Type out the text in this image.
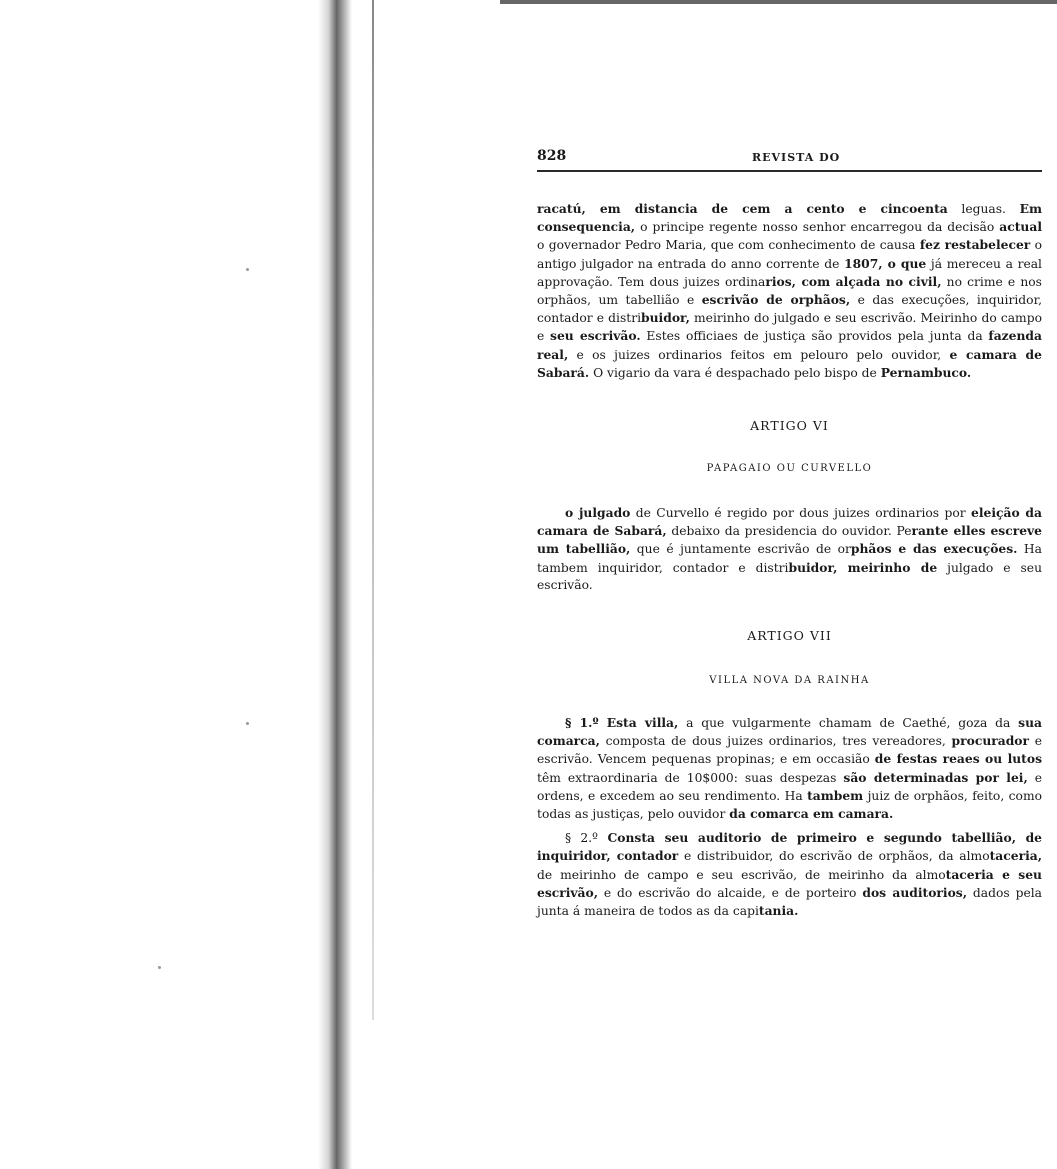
828	REVISTA DO

racatú, em distancia de cem a cento e cincoenta leguas. Em consequencia, o principe regente nosso senhor encarregou da decisão actual o governador Pedro Maria, que com conhecimento de causa fez restabelecer o antigo julgador na entrada do anno corrente de 1807, o que já mereceu a real approvação. Tem dous juizes ordinarios, com alçada no civil, no crime e nos orphãos, um tabellião e escrivão de orphãos, e das execuções, inquiridor, contador e distribuidor, meirinho do julgado e seu escrivão. Meirinho do campo e seu escrivão. Estes officiaes de justiça são providos pela junta da fazenda real, e os juizes ordinarios feitos em pelouro pelo ouvidor, e camara de Sabará. O vigario da vara é despachado pelo bispo de Pernambuco.

ARTIGO VI

PAPAGAIO OU CURVELLO

o julgado de Curvello é regido por dous juizes ordinarios por eleição da camara de Sabará, debaixo da presidencia do ouvidor. Perante elles escreve um tabellião, que é juntamente escrivão de orphãos e das execuções. Ha tambem inquiridor, contador e distribuidor, meirinho de julgado e seu escrivão.

ARTIGO VII

VILLA NOVA DA RAINHA

§ 1.º Esta villa, a que vulgarmente chamam de Caethé, goza da sua comarca, composta de dous juizes ordinarios, tres vereadores, procurador e escrivão. Vencem pequenas propinas; e em occasião de festas reaes ou lutos têm extraordinaria de 10$000: suas despezas são determinadas por lei, e ordens, e excedem ao seu rendimento. Ha tambem juiz de orphãos, feito, como todas as justiças, pelo ouvidor da comarca em camara.

§ 2.º Consta seu auditorio de primeiro e segundo tabellião, de inquiridor, contador e distribuidor, do escrivão de orphãos, da almotaceria, de meirinho de campo e seu escrivão, de meirinho da almotaceria e seu escrivão, e do escrivão do alcaide, e de porteiro dos auditorios, dados pela junta á maneira de todos as da capitania.
